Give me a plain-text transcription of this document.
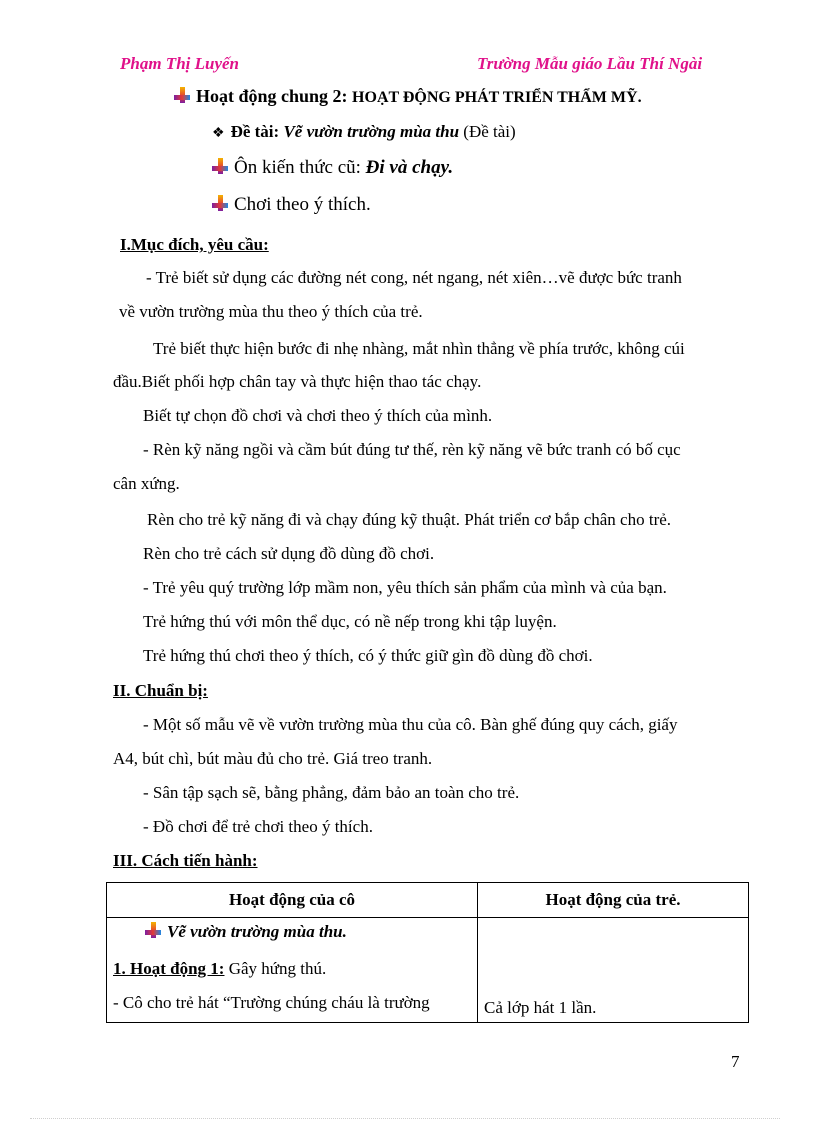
Phạm Thị Luyến	Trường Mẫu giáo Lầu Thí Ngài
Hoạt động chung 2: HOẠT ĐỘNG PHÁT TRIỂN THẨM MỸ.
❖ Đề tài: Vẽ vườn trường mùa thu (Đề tài)
Ôn kiến thức cũ: Đi và chạy.
Chơi theo ý thích.
I.Mục đích, yêu cầu:
- Trẻ biết sử dụng các đường nét cong, nét ngang, nét xiên…vẽ được bức tranh
về vườn trường mùa thu theo ý thích của trẻ.
Trẻ biết thực hiện bước đi nhẹ nhàng, mắt nhìn thẳng về phía trước, không cúi
đầu.Biết phối hợp chân tay và thực hiện thao tác chạy.
Biết tự chọn đồ chơi và chơi theo ý thích của mình.
- Rèn kỹ năng ngồi và cầm bút đúng tư thế, rèn kỹ năng vẽ bức tranh có bố cục
cân xứng.
Rèn cho trẻ kỹ năng đi và chạy đúng kỹ thuật. Phát triển cơ bắp chân cho trẻ.
Rèn cho trẻ cách sử dụng đồ dùng đồ chơi.
- Trẻ yêu quý trường lớp mầm non, yêu thích sản phẩm của mình và của bạn.
Trẻ hứng thú với môn thể dục, có nề nếp trong khi tập luyện.
Trẻ hứng thú chơi theo ý thích, có ý thức giữ gìn đồ dùng đồ chơi.
II. Chuẩn bị:
- Một số mẫu vẽ về vườn trường mùa thu của cô. Bàn ghế đúng quy cách, giấy
A4, bút chì, bút màu đủ cho trẻ. Giá treo tranh.
- Sân tập sạch sẽ, bằng phẳng, đảm bảo an toàn cho trẻ.
- Đồ chơi để trẻ chơi theo ý thích.
III. Cách tiến hành:
Hoạt động của cô	Hoạt động của trẻ.

Vẽ vườn trường mùa thu.
1. Hoạt động 1: Gây hứng thú.
- Cô cho trẻ hát “Trường chúng cháu là trường	Cả lớp hát 1 lần.
7
